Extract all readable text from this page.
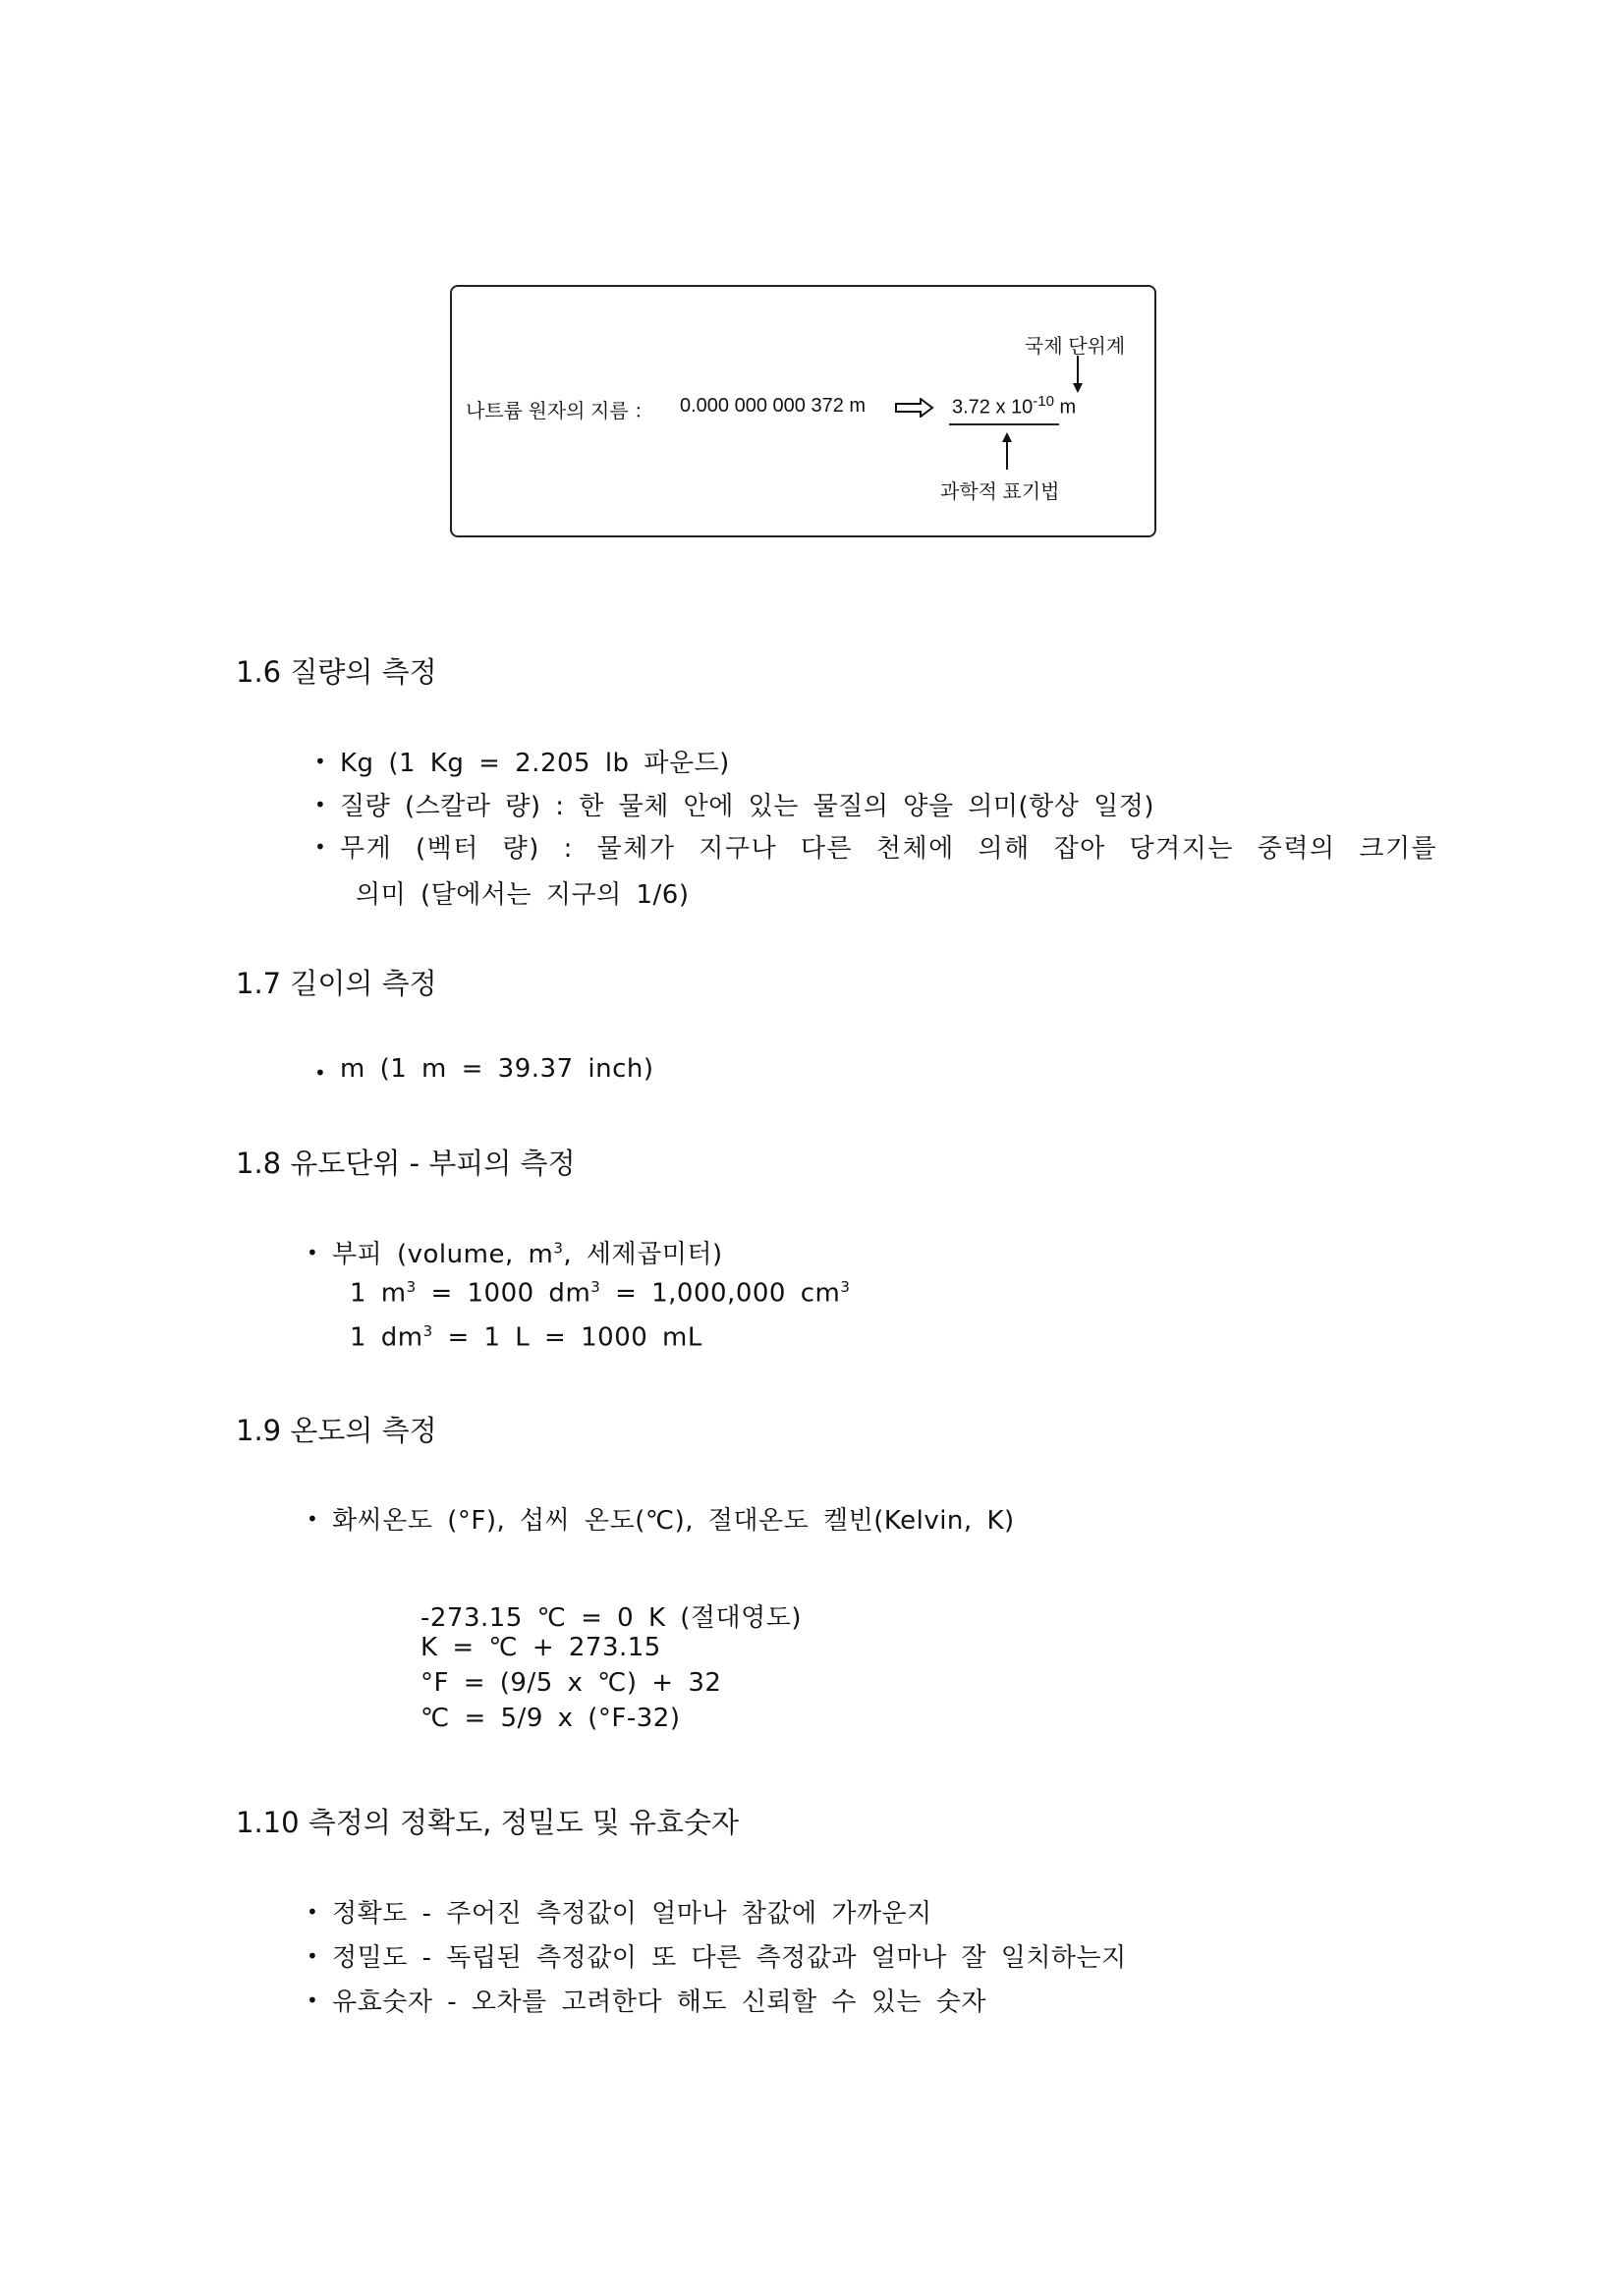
국제 단위계
나트륨 원자의 지름 ： 0.000 000 000 372 m	3.72 x $10^{-10}$ m
과학적 표기법
1.6 질량의 측정
• Kg (1 Kg = 2.205 lb 파운드)
• 질량 (스칼라 량) : 한 물체 안에 있는 물질의 양을 의미(항상 일정)
• 무게 (벡터 량) : 물체가 지구나 다른 천체에 의해 잡아 당겨지는 중력의 크기를
의미 (달에서는 지구의 1/6)
1.7 길이의 측정
• m (1 m = 39.37 inch)
1.8 유도단위 - 부피의 측정
• 부피 (volume, $m^3$, 세제곱미터)
1 $m^3 = 1000$ $dm^3 = 1,000,000$ $cm^3$
1 $dm^3 = 1$ L = 1000 mL
1.9 온도의 측정
• 화씨온도 (°F), 섭씨 온도(℃), 절대온도 켈빈(Kelvin, K)
-273.15 ℃ = 0 K (절대영도)
K = ℃ + 273.15
°F = (9/5 x ℃) + 32
℃ = 5/9 x (°F-32)
1.10 측정의 정확도, 정밀도 및 유효숫자
• 정확도 - 주어진 측정값이 얼마나 참값에 가까운지
• 정밀도 - 독립된 측정값이 또 다른 측정값과 얼마나 잘 일치하는지
• 유효숫자 - 오차를 고려한다 해도 신뢰할 수 있는 숫자
